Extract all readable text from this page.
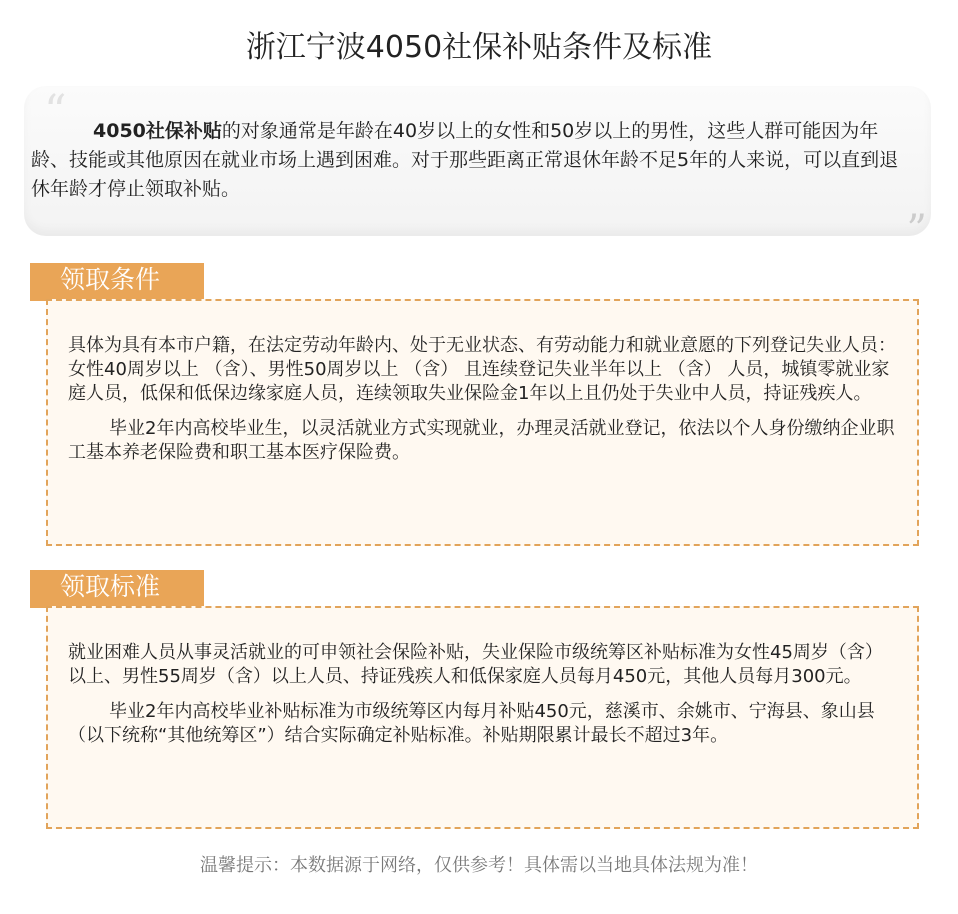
浙江宁波4050社保补贴条件及标准
“	4050社保补贴的对象通常是年龄在40岁以上的女性和50岁以上的男性，这些人群可能因为年龄、技能或其他原因在就业市场上遇到困难。对于那些距离正常退休年龄不足5年的人来说，可以直到退休年龄才停止领取补贴。
”
领取条件

具体为具有本市户籍，在法定劳动年龄内、处于无业状态、有劳动能力和就业意愿的下列登记失业人员：女性40周岁以上 （含）、男性50周岁以上 （含） 且连续登记失业半年以上 （含） 人员，城镇零就业家庭人员，低保和低保边缘家庭人员，连续领取失业保险金1年以上且仍处于失业中人员，持证残疾人。

毕业2年内高校毕业生，以灵活就业方式实现就业，办理灵活就业登记，依法以个人身份缴纳企业职工基本养老保险费和职工基本医疗保险费。

领取标准

就业困难人员从事灵活就业的可申领社会保险补贴，失业保险市级统筹区补贴标准为女性45周岁（含）以上、男性55周岁（含）以上人员、持证残疾人和低保家庭人员每月450元，其他人员每月300元。

毕业2年内高校毕业补贴标准为市级统筹区内每月补贴450元，慈溪市、余姚市、宁海县、象山县（以下统称“其他统筹区”）结合实际确定补贴标准。补贴期限累计最长不超过3年。

温馨提示：本数据源于网络，仅供参考！具体需以当地具体法规为准！
